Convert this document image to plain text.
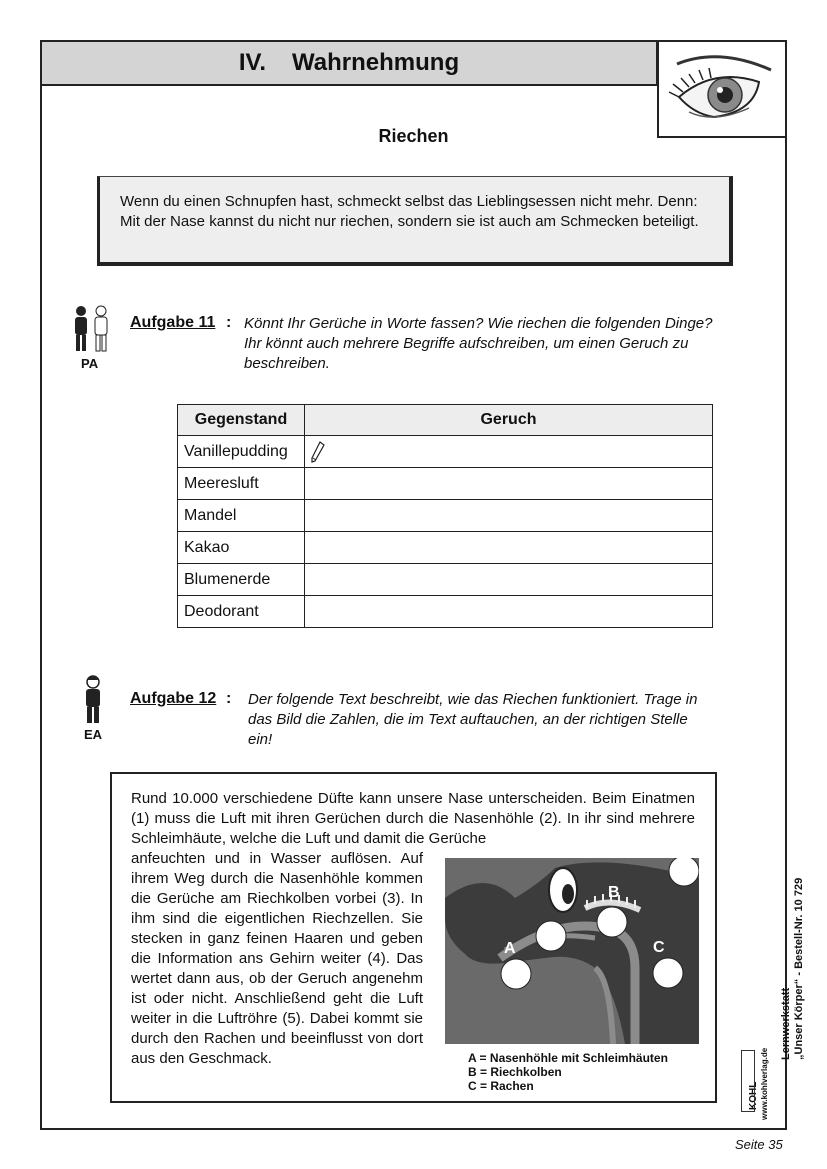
IV. Wahrnehmung
Riechen
Wenn du einen Schnupfen hast, schmeckt selbst das Lieblingsessen nicht mehr. Denn: Mit der Nase kannst du nicht nur riechen, sondern sie ist auch am Schmecken beteiligt.
PA
Aufgabe 11 : Könnt Ihr Gerüche in Worte fassen? Wie riechen die folgenden Dinge? Ihr könnt auch mehrere Begriffe aufschreiben, um einen Geruch zu beschreiben.
Gegenstand	Geruch
Vanillepudding	
Meeresluft	
Mandel	
Kakao	
Blumenerde	
Deodorant	
EA
Aufgabe 12 : Der folgende Text beschreibt, wie das Riechen funktioniert. Trage in das Bild die Zahlen, die im Text auftauchen, an der richtigen Stelle ein!
Rund 10.000 verschiedene Düfte kann unsere Nase unterscheiden. Beim Einatmen (1) muss die Luft mit ihren Gerüchen durch die Nasenhöhle (2). In ihr sind mehrere Schleimhäute, welche die Luft und damit die Gerüche
anfeuchten und in Wasser auflösen. Auf ihrem Weg durch die Nasenhöhle kommen die Gerüche am Riechkolben vorbei (3). In ihm sind die eigentlichen Riechzellen. Sie stecken in ganz feinen Haaren und geben die Information ans Gehirn weiter (4). Das wertet dann aus, ob der Geruch angenehm ist oder nicht. Anschließend geht die Luft weiter in die Luftröhre (5). Dabei kommt sie durch den Rachen und beeinflusst von dort aus den Geschmack.
A
B
C
A = Nasenhöhle mit Schleimhäuten
B = Riechkolben
C = Rachen
Lernwerkstatt „Unser Körper“ - Bestell-Nr. 10 729
www.kohlverlag.de
KOHL
Seite 35
